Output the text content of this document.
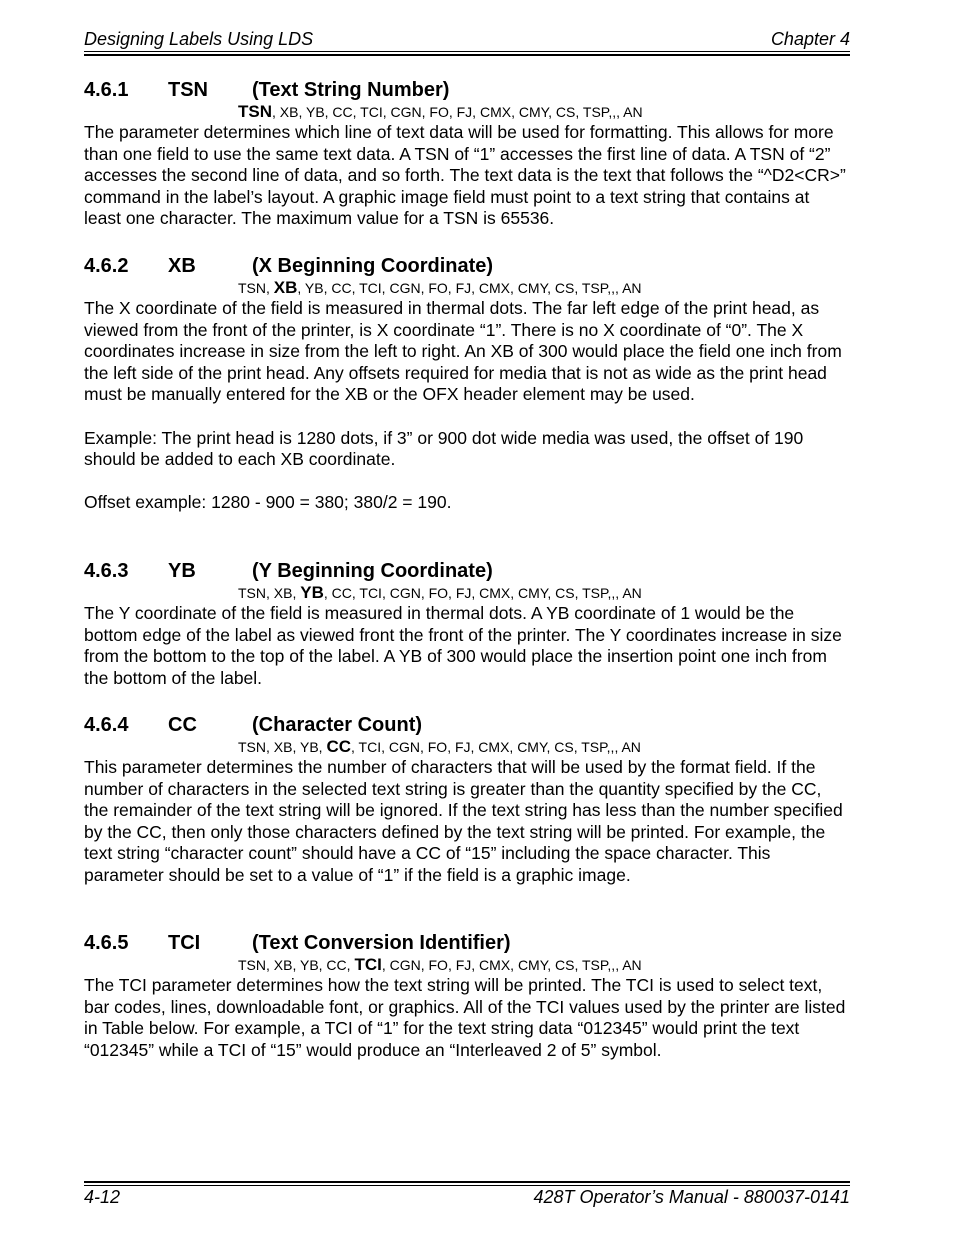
Designing Labels Using LDS	Chapter 4
4.6.1 TSN (Text String Number)
TSN, XB, YB, CC, TCI, CGN, FO, FJ, CMX, CMY, CS, TSP,,, AN

The parameter determines which line of text data will be used for formatting. This allows for more than one field to use the same text data. A TSN of “1” accesses the first line of data. A TSN of “2” accesses the second line of data, and so forth. The text data is the text that follows the “^D2<CR>” command in the label’s layout. A graphic image field must point to a text string that contains at least one character. The maximum value for a TSN is 65536.

4.6.2 XB	(X Beginning Coordinate)
TSN, XB, YB, CC, TCI, CGN, FO, FJ, CMX, CMY, CS, TSP,,, AN

The X coordinate of the field is measured in thermal dots. The far left edge of the print head, as viewed from the front of the printer, is X coordinate “1”. There is no X coordinate of “0”. The X coordinates increase in size from the left to right. An XB of 300 would place the field one inch from the left side of the print head. Any offsets required for media that is not as wide as the print head must be manually entered for the XB or the OFX header element may be used.

Example: The print head is 1280 dots, if 3” or 900 dot wide media was used, the offset of 190 should be added to each XB coordinate.

Offset example: 1280 - 900 = 380; 380/2 = 190.

4.6.3 YB	(Y Beginning Coordinate)
TSN, XB, YB, CC, TCI, CGN, FO, FJ, CMX, CMY, CS, TSP,,, AN

The Y coordinate of the field is measured in thermal dots. A YB coordinate of 1 would be the bottom edge of the label as viewed front the front of the printer. The Y coordinates increase in size from the bottom to the top of the label. A YB of 300 would place the insertion point one inch from the bottom of the label.

4.6.4 CC	(Character Count)
TSN, XB, YB, CC, TCI, CGN, FO, FJ, CMX, CMY, CS, TSP,,, AN

This parameter determines the number of characters that will be used by the format field. If the number of characters in the selected text string is greater than the quantity specified by the CC, the remainder of the text string will be ignored. If the text string has less than the number specified by the CC, then only those characters defined by the text string will be printed. For example, the text string “character count” should have a CC of “15” including the space character. This parameter should be set to a value of “1” if the field is a graphic image.

4.6.5 TCI	(Text Conversion Identifier)
TSN, XB, YB, CC, TCI, CGN, FO, FJ, CMX, CMY, CS, TSP,,, AN

The TCI parameter determines how the text string will be printed. The TCI is used to select text, bar codes, lines, downloadable font, or graphics. All of the TCI values used by the printer are listed in Table below. For example, a TCI of “1” for the text string data “012345” would print the text “012345” while a TCI of “15” would produce an “Interleaved 2 of 5” symbol.

4-12	428T Operator’s Manual - 880037-0141
